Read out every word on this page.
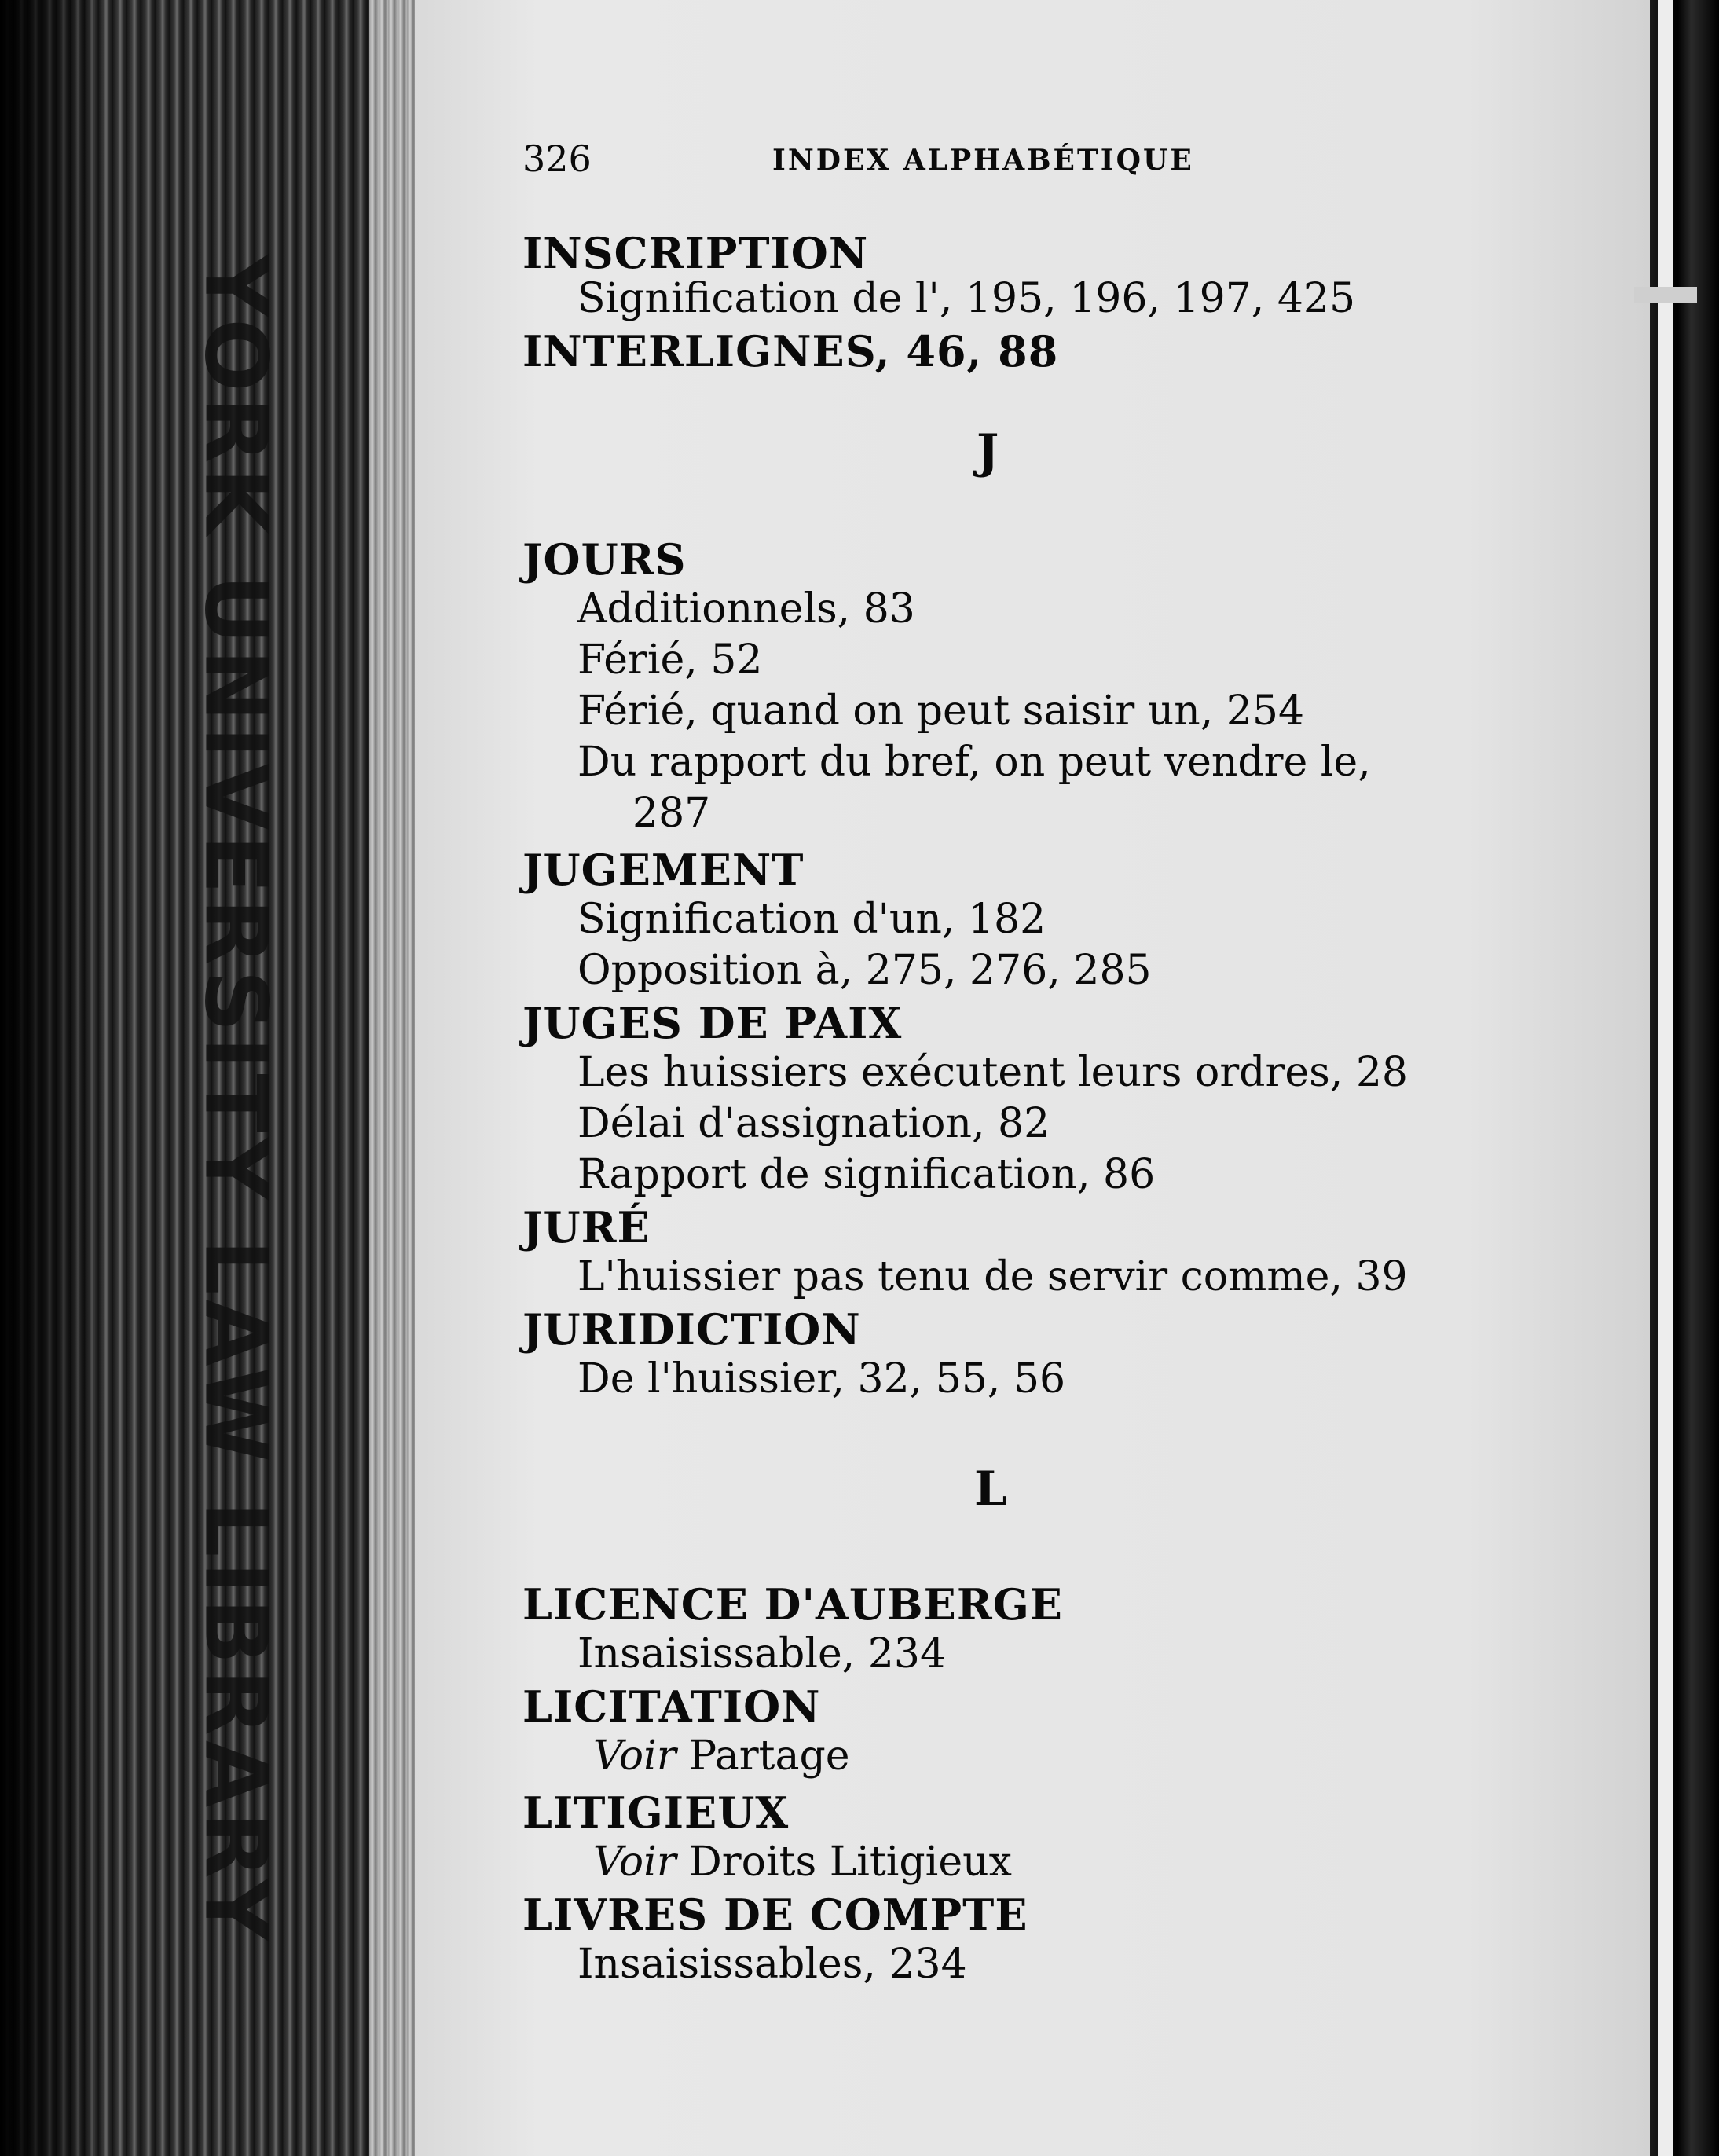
YORK UNIVERSITY LAW LIBRARY
326	INDEX ALPHABÉTIQUE
INSCRIPTION
Signification de l', 195, 196, 197, 425
INTERLIGNES, 46, 88
J
JOURS
Additionnels, 83
Férié, 52
Férié, quand on peut saisir un, 254
Du rapport du bref, on peut vendre le,
287
JUGEMENT
Signification d'un, 182
Opposition à, 275, 276, 285
JUGES DE PAIX
Les huissiers exécutent leurs ordres, 28
Délai d'assignation, 82
Rapport de signification, 86
JURÉ
L'huissier pas tenu de servir comme, 39
JURIDICTION
De l'huissier, 32, 55, 56
L
LICENCE D'AUBERGE
Insaisissable, 234
LICITATION
Voir Partage
LITIGIEUX
Voir Droits Litigieux
LIVRES DE COMPTE
Insaisissables, 234
